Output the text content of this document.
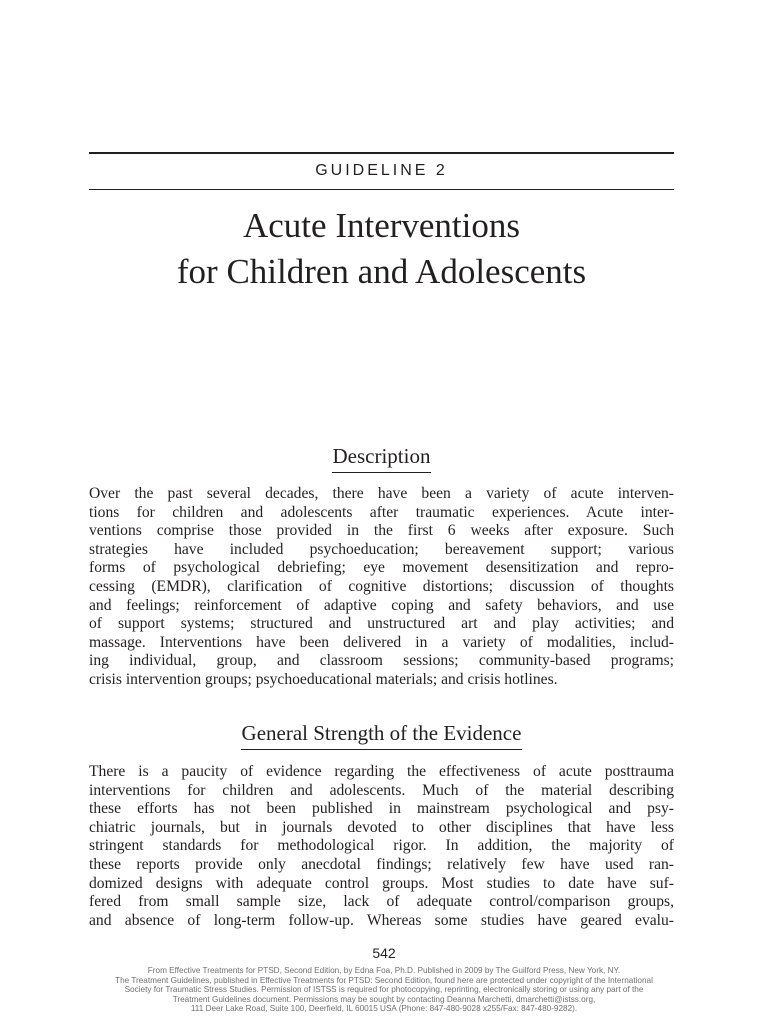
GUIDELINE 2
Acute Interventions
for Children and Adolescents
Description

Over the past several decades, there have been a variety of acute interven-

tions for children and adolescents after traumatic experiences. Acute inter-

ventions comprise those provided in the first 6 weeks after exposure. Such

strategies have included psychoeducation; bereavement support; various

forms of psychological debriefing; eye movement desensitization and repro-

cessing (EMDR), clarification of cognitive distortions; discussion of thoughts

and feelings; reinforcement of adaptive coping and safety behaviors, and use

of support systems; structured and unstructured art and play activities; and

massage. Interventions have been delivered in a variety of modalities, includ-

ing individual, group, and classroom sessions; community-based programs;

crisis intervention groups; psychoeducational materials; and crisis hotlines.

General Strength of the Evidence

There is a paucity of evidence regarding the effectiveness of acute posttrauma

interventions for children and adolescents. Much of the material describing

these efforts has not been published in mainstream psychological and psy-

chiatric journals, but in journals devoted to other disciplines that have less

stringent standards for methodological rigor. In addition, the majority of

these reports provide only anecdotal findings; relatively few have used ran-

domized designs with adequate control groups. Most studies to date have suf-

fered from small sample size, lack of adequate control/comparison groups,

and absence of long-term follow-up. Whereas some studies have geared evalu-

542
From Effective Treatments for PTSD, Second Edition, by Edna Foa, Ph.D. Published in 2009 by The Guilford Press, New York, NY.
The Treatment Guidelines, published in Effective Treatments for PTSD: Second Edition, found here are protected under copyright of the International
Society for Traumatic Stress Studies. Permission of ISTSS is required for photocopying, reprinting, electronically storing or using any part of the
Treatment Guidelines document. Permissions may be sought by contacting Deanna Marchetti, dmarchetti@istss.org,
111 Deer Lake Road, Suite 100, Deerfield, IL 60015 USA (Phone: 847-480-9028 x255/Fax: 847-480-9282).
